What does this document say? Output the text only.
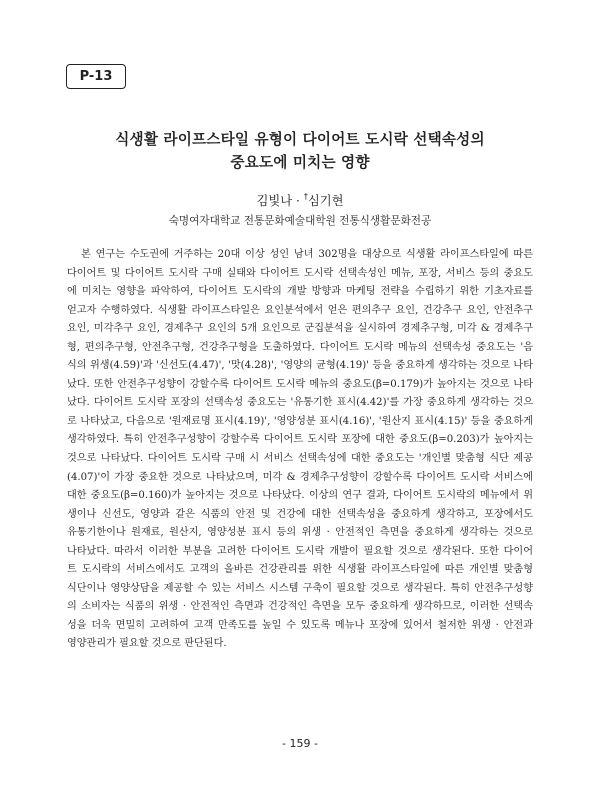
P-13
식생활 라이프스타일 유형이 다이어트 도시락 선택속성의
중요도에 미치는 영향
김빛나 · †심기현
숙명여자대학교 전통문화예술대학원 전통식생활문화전공
본 연구는 수도권에 거주하는 20대 이상 성인 남녀 302명을 대상으로 식생활 라이프스타일에 따른
다이어트 및 다이어트 도시락 구매 실태와 다이어트 도시락 선택속성인 메뉴, 포장, 서비스 등의 중요도
에 미치는 영향을 파악하여, 다이어트 도시락의 개발 방향과 마케팅 전략을 수립하기 위한 기초자료를
얻고자 수행하였다. 식생활 라이프스타일은 요인분석에서 얻은 편의추구 요인, 건강추구 요인, 안전추구
요인, 미각추구 요인, 경제추구 요인의 5개 요인으로 군집분석을 실시하여 경제추구형, 미각 & 경제추구
형, 편의추구형, 안전추구형, 건강추구형을 도출하였다. 다이어트 도시락 메뉴의 선택속성 중요도는 '음
식의 위생(4.59)'과 '신선도(4.47)', '맛(4.28)', '영양의 균형(4.19)' 등을 중요하게 생각하는 것으로 나타
났다. 또한 안전추구성향이 강할수록 다이어트 도시락 메뉴의 중요도(β=0.179)가 높아지는 것으로 나타
났다. 다이어트 도시락 포장의 선택속성 중요도는 '유통기한 표시(4.42)'를 가장 중요하게 생각하는 것으
로 나타났고, 다음으로 '원재료명 표시(4.19)', '영양성분 표시(4.16)', '원산지 표시(4.15)' 등을 중요하게
생각하였다. 특히 안전추구성향이 강할수록 다이어트 도시락 포장에 대한 중요도(β=0.203)가 높아지는
것으로 나타났다. 다이어트 도시락 구매 시 서비스 선택속성에 대한 중요도는 '개인별 맞춤형 식단 제공
(4.07)'이 가장 중요한 것으로 나타났으며, 미각 & 경제추구성향이 강할수록 다이어트 도시락 서비스에
대한 중요도(β=0.160)가 높아지는 것으로 나타났다. 이상의 연구 결과, 다이어트 도시락의 메뉴에서 위
생이나 신선도, 영양과 같은 식품의 안전 및 건강에 대한 선택속성을 중요하게 생각하고, 포장에서도
유통기한이나 원재료, 원산지, 영양성분 표시 등의 위생 · 안전적인 측면을 중요하게 생각하는 것으로
나타났다. 따라서 이러한 부분을 고려한 다이어트 도시락 개발이 필요할 것으로 생각된다. 또한 다이어
트 도시락의 서비스에서도 고객의 올바른 건강관리를 위한 식생활 라이프스타일에 따른 개인별 맞춤형
식단이나 영양상담을 제공할 수 있는 서비스 시스템 구축이 필요할 것으로 생각된다. 특히 안전추구성향
의 소비자는 식품의 위생 · 안전적인 측면과 건강적인 측면을 모두 중요하게 생각하므로, 이러한 선택속
성을 더욱 면밀히 고려하여 고객 만족도를 높일 수 있도록 메뉴나 포장에 있어서 철저한 위생 · 안전과
영양관리가 필요할 것으로 판단된다.
- 159 -
